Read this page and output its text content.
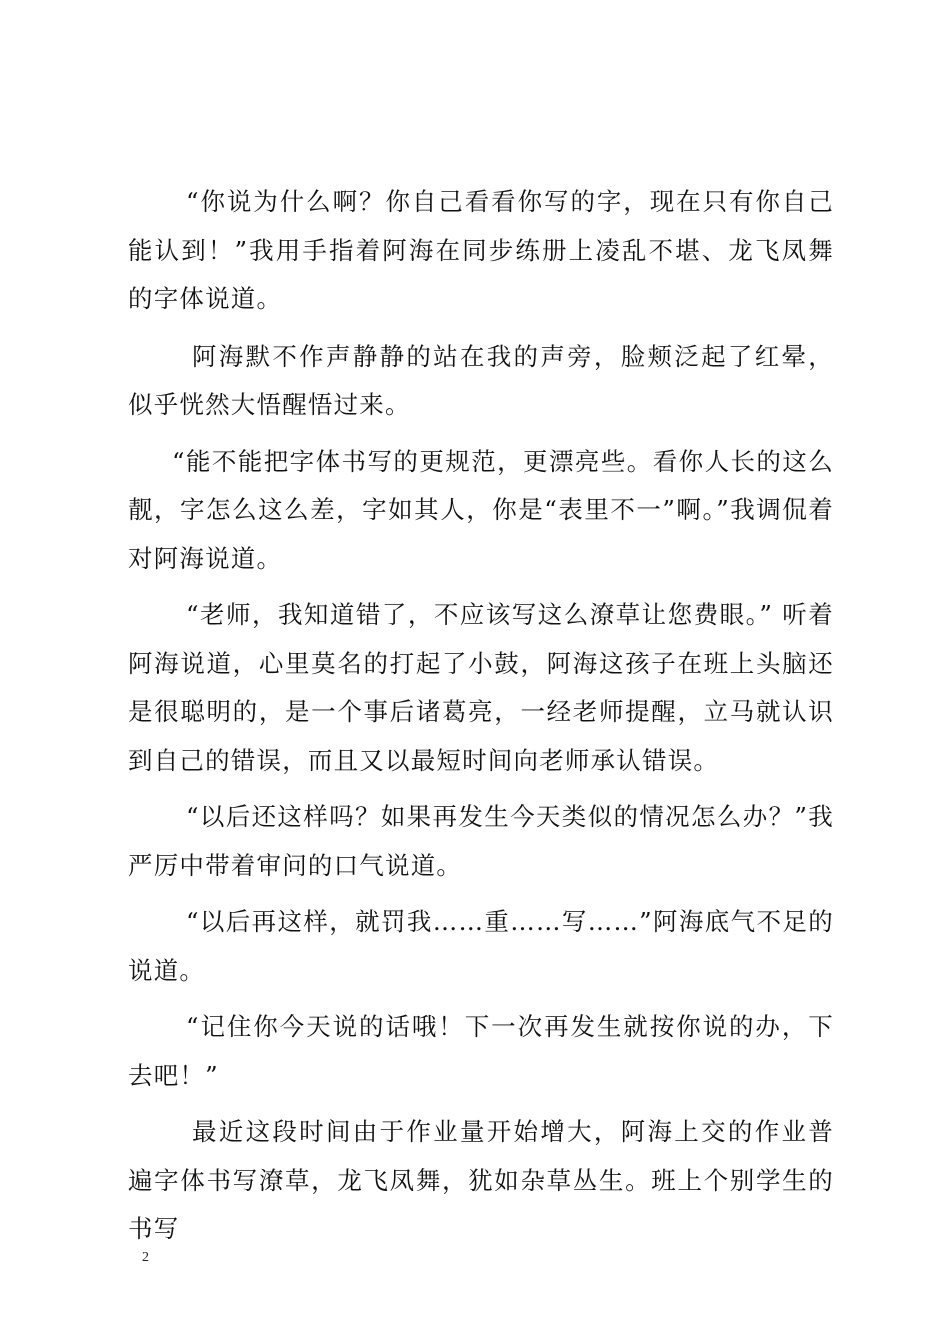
“你说为什么啊？你自己看看你写的字，现在只有你自己能认到！”我用手指着阿海在同步练册上凌乱不堪、龙飞凤舞的字体说道。

阿海默不作声静静的站在我的声旁，脸颊泛起了红晕，似乎恍然大悟醒悟过来。

“能不能把字体书写的更规范，更漂亮些。看你人长的这么靓，字怎么这么差，字如其人，你是“表里不一”啊。”我调侃着对阿海说道。

“老师，我知道错了，不应该写这么潦草让您费眼。” 听着阿海说道，心里莫名的打起了小鼓，阿海这孩子在班上头脑还是很聪明的，是一个事后诸葛亮，一经老师提醒，立马就认识到自己的错误，而且又以最短时间向老师承认错误。

“以后还这样吗？如果再发生今天类似的情况怎么办？”我严厉中带着审问的口气说道。

“以后再这样，就罚我……重……写……”阿海底气不足的说道。

“记住你今天说的话哦！下一次再发生就按你说的办，下去吧！”

最近这段时间由于作业量开始增大，阿海上交的作业普遍字体书写潦草，龙飞凤舞，犹如杂草丛生。班上个别学生的书写

2
